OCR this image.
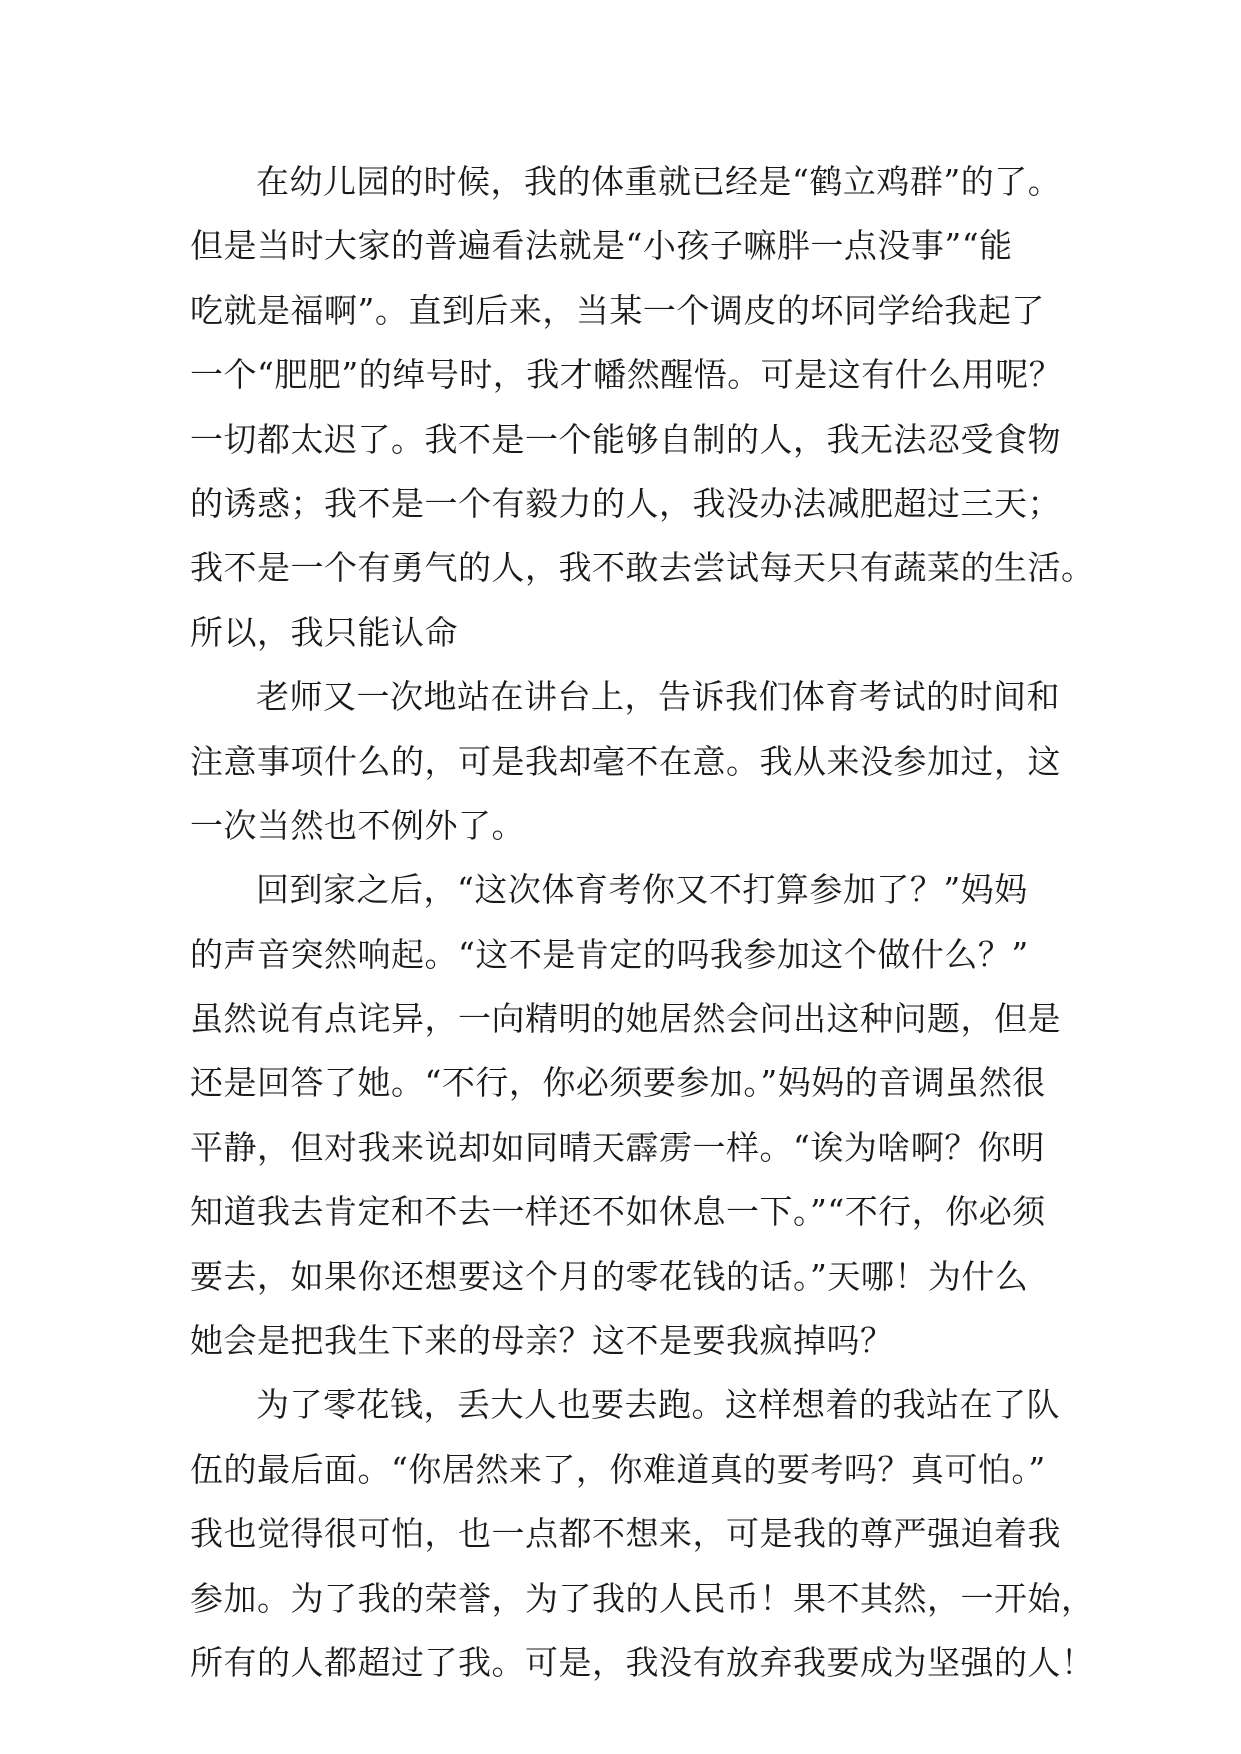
在幼儿园的时候，我的体重就已经是“鹤立鸡群”的了。
但是当时大家的普遍看法就是“小孩子嘛胖一点没事”“能
吃就是福啊”。直到后来，当某一个调皮的坏同学给我起了
一个“肥肥”的绰号时，我才幡然醒悟。可是这有什么用呢？
一切都太迟了。我不是一个能够自制的人，我无法忍受食物
的诱惑；我不是一个有毅力的人，我没办法减肥超过三天；
我不是一个有勇气的人，我不敢去尝试每天只有蔬菜的生活。
所以，我只能认命
老师又一次地站在讲台上，告诉我们体育考试的时间和
注意事项什么的，可是我却毫不在意。我从来没参加过，这
一次当然也不例外了。
回到家之后，“这次体育考你又不打算参加了？”妈妈
的声音突然响起。“这不是肯定的吗我参加这个做什么？”
虽然说有点诧异，一向精明的她居然会问出这种问题，但是
还是回答了她。“不行，你必须要参加。”妈妈的音调虽然很
平静，但对我来说却如同晴天霹雳一样。“诶为啥啊？你明
知道我去肯定和不去一样还不如休息一下。”“不行，你必须
要去，如果你还想要这个月的零花钱的话。”天哪！为什么
她会是把我生下来的母亲？这不是要我疯掉吗？
为了零花钱，丢大人也要去跑。这样想着的我站在了队
伍的最后面。“你居然来了，你难道真的要考吗？真可怕。”
我也觉得很可怕，也一点都不想来，可是我的尊严强迫着我
参加。为了我的荣誉，为了我的人民币！果不其然，一开始，
所有的人都超过了我。可是，我没有放弃我要成为坚强的人！
